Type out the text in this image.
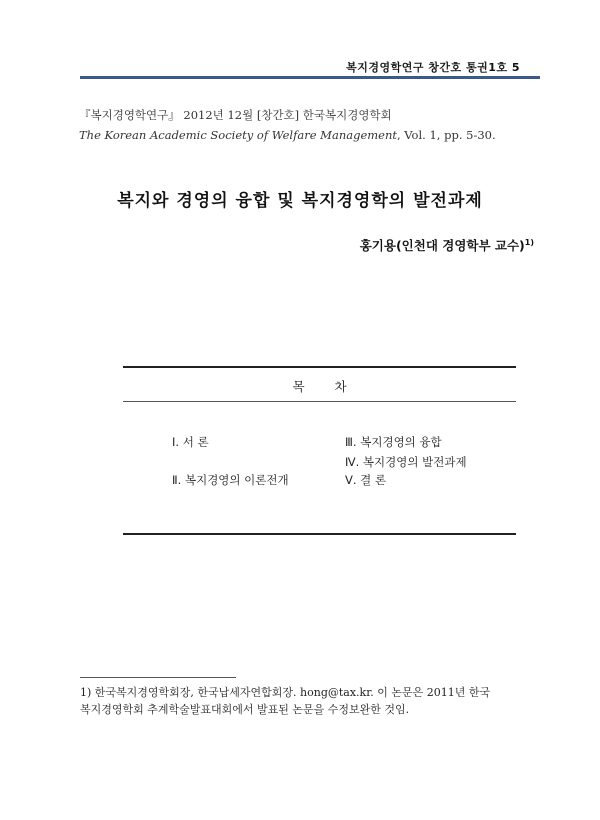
복지경영학연구 창간호 통권1호 5
『복지경영학연구』 2012년 12월 [창간호] 한국복지경영학회
The Korean Academic Society of Welfare Management, Vol. 1, pp. 5-30.
복지와 경영의 융합 및 복지경영학의 발전과제
홍기용(인천대 경영학부 교수)$^{1)}$
목 차
Ⅰ. 서 론
Ⅱ. 복지경영의 이론전개
Ⅲ. 복지경영의 융합
Ⅳ. 복지경영의 발전과제
Ⅴ. 결 론
1) 한국복지경영학회장, 한국납세자연합회장. hong@tax.kr. 이 논문은 2011년 한국
복지경영학회 추계학술발표대회에서 발표된 논문을 수정보완한 것임.
